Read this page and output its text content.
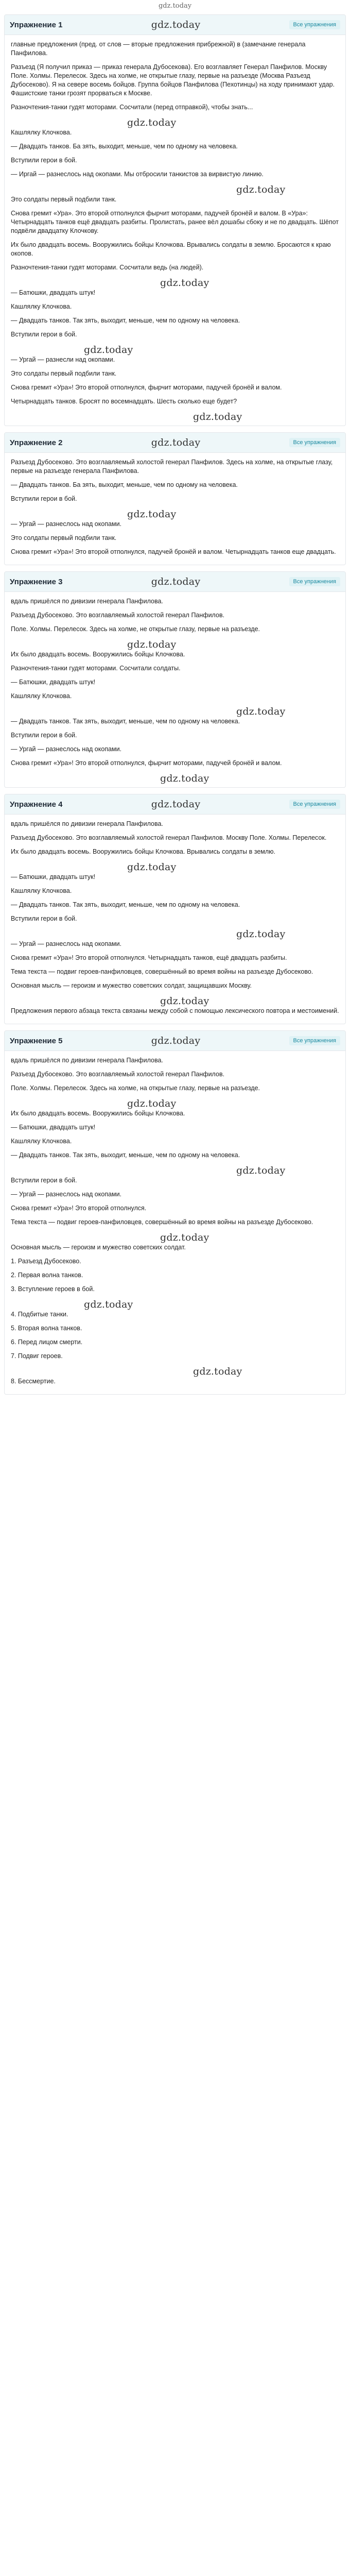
gdz.today
Упражнение 1	gdz.today	Все упражнения

главные предложения (пред. от слов — вторые предложения прибрежной) в (замечание генерала Панфилова.

Разъезд (Я получил приказ — приказ генерала Дубосекова). Его возглавляет Генерал Панфилов. Москву Поле. Холмы. Перелесок. Здесь на холме, не открытые глазу, первые на разъезде (Москва Разъезд Дубосеково). Я на севере восемь бойцов. Группа бойцов Панфилова (Пехотинцы) на ходу принимают удар. Фашистские танки грозят прорваться к Москве.

Разночтения-танки гудят моторами. Сосчитали (перед отправкой), чтобы знать...

gdz.today

Кашлялку Клочкова.

— Двадцать танков. Ба зять, выходит, меньше, чем по одному на человека.

Вступили герои в бой.

— Иргай — разнеслось над окопами. Мы отбросили танкистов за вирвистую линию.

gdz.today

Это солдаты первый подбили танк.

Снова гремит «Ура». Это второй отполнулся фырчит моторами, падучей бронёй и валом. В «Ура»: Четырнадцать танков ещё двадцать разбиты. Пролистать, ранее вёл дошабы сбоку и не по двадцать. Шёпот подвёли двадцатку Клочкову.

Их было двадцать восемь. Вооружились бойцы Клочкова. Врывались солдаты в землю. Бросаются к краю окопов.

Разночтения-танки гудят моторами. Сосчитали ведь (на людей).

gdz.today

— Батюшки, двадцать штук!

Кашлялку Клочкова.

— Двадцать танков. Так зять, выходит, меньше, чем по одному на человека.

Вступили герои в бой.

gdz.today

— Ургай — разнесли над окопами.

Это солдаты первый подбили танк.

Снова гремит «Ура»! Это второй отполнулся, фырчит моторами, падучей бронёй и валом.

Четырнадцать танков. Бросят по восемнадцать. Шесть сколько еще будет?

gdz.today
Упражнение 2	gdz.today	Все упражнения

Разъезд Дубосеково. Это возглавляемый холостой генерал Панфилов. Здесь на холме, на открытые глазу, первые на разъезде генерала Панфилова.

— Двадцать танков. Ба зять, выходит, меньше, чем по одному на человека.

Вступили герои в бой.

gdz.today

— Ургай — разнеслось над окопами.

Это солдаты первый подбили танк.

Снова гремит «Ура»! Это второй отполнулся, падучей бронёй и валом. Четырнадцать танков еще двадцать.

Упражнение 3	gdz.today	Все упражнения

вдаль пришёлся по дивизии генерала Панфилова.

Разъезд Дубосеково. Это возглавляемый холостой генерал Панфилов.

Поле. Холмы. Перелесок. Здесь на холме, не открытые глазу, первые на разъезде.

gdz.today

Их было двадцать восемь. Вооружились бойцы Клочкова.

Разночтения-танки гудят моторами. Сосчитали солдаты.

— Батюшки, двадцать штук!

Кашлялку Клочкова.

gdz.today

— Двадцать танков. Так зять, выходит, меньше, чем по одному на человека.

Вступили герои в бой.

— Ургай — разнеслось над окопами.

Снова гремит «Ура»! Это второй отполнулся, фырчит моторами, падучей бронёй и валом.

gdz.today
Упражнение 4	gdz.today	Все упражнения

вдаль пришёлся по дивизии генерала Панфилова.

Разъезд Дубосеково. Это возглавляемый холостой генерал Панфилов. Москву Поле. Холмы. Перелесок.

Их было двадцать восемь. Вооружились бойцы Клочкова. Врывались солдаты в землю.

gdz.today

— Батюшки, двадцать штук!

Кашлялку Клочкова.

— Двадцать танков. Так зять, выходит, меньше, чем по одному на человека.

Вступили герои в бой.

gdz.today

— Ургай — разнеслось над окопами.

Снова гремит «Ура»! Это второй отполнулся. Четырнадцать танков, ещё двадцать разбиты.

Тема текста — подвиг героев-панфиловцев, совершённый во время войны на разъезде Дубосеково.

Основная мысль — героизм и мужество советских солдат, защищавших Москву.

gdz.today

Предложения первого абзаца текста связаны между собой с помощью лексического повтора и местоимений.

Упражнение 5	gdz.today	Все упражнения

вдаль пришёлся по дивизии генерала Панфилова.

Разъезд Дубосеково. Это возглавляемый холостой генерал Панфилов.

Поле. Холмы. Перелесок. Здесь на холме, на открытые глазу, первые на разъезде.

gdz.today

Их было двадцать восемь. Вооружились бойцы Клочкова.

— Батюшки, двадцать штук!

Кашлялку Клочкова.

— Двадцать танков. Так зять, выходит, меньше, чем по одному на человека.

gdz.today

Вступили герои в бой.

— Ургай — разнеслось над окопами.

Снова гремит «Ура»! Это второй отполнулся.

Тема текста — подвиг героев-панфиловцев, совершённый во время войны на разъезде Дубосеково.

gdz.today

Основная мысль — героизм и мужество советских солдат.

1. Разъезд Дубосеково.

2. Первая волна танков.

3. Вступление героев в бой.

gdz.today

4. Подбитые танки.

5. Вторая волна танков.

6. Перед лицом смерти.

7. Подвиг героев.

gdz.today

8. Бессмертие.
